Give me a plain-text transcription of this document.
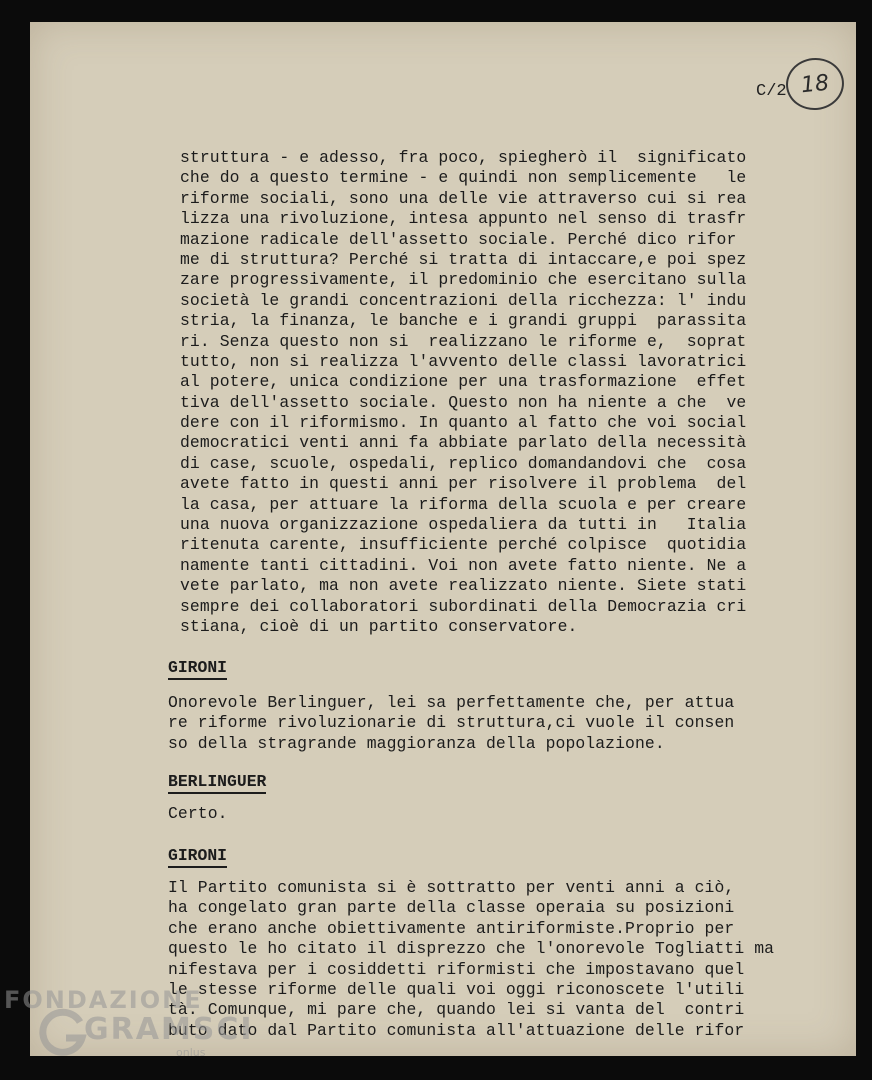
18
C/2
struttura - e adesso, fra poco, spiegherò il  significato
che do a questo termine - e quindi non semplicemente   le
riforme sociali, sono una delle vie attraverso cui si rea
lizza una rivoluzione, intesa appunto nel senso di trasfr
mazione radicale dell'assetto sociale. Perché dico rifor
me di struttura? Perché si tratta di intaccare,e poi spez
zare progressivamente, il predominio che esercitano sulla
società le grandi concentrazioni della ricchezza: l' indu
stria, la finanza, le banche e i grandi gruppi  parassita
ri. Senza questo non si  realizzano le riforme e,  soprat
tutto, non si realizza l'avvento delle classi lavoratrici
al potere, unica condizione per una trasformazione  effet
tiva dell'assetto sociale. Questo non ha niente a che  ve
dere con il riformismo. In quanto al fatto che voi social
democratici venti anni fa abbiate parlato della necessità
di case, scuole, ospedali, replico domandandovi che  cosa
avete fatto in questi anni per risolvere il problema  del
la casa, per attuare la riforma della scuola e per creare
una nuova organizzazione ospedaliera da tutti in   Italia
ritenuta carente, insufficiente perché colpisce  quotidia
namente tanti cittadini. Voi non avete fatto niente. Ne a
vete parlato, ma non avete realizzato niente. Siete stati
sempre dei collaboratori subordinati della Democrazia cri
stiana, cioè di un partito conservatore.
GIRONI
Onorevole Berlinguer, lei sa perfettamente che, per attua
re riforme rivoluzionarie di struttura,ci vuole il consen
so della stragrande maggioranza della popolazione.
BERLINGUER
Certo.
GIRONI
Il Partito comunista si è sottratto per venti anni a ciò,
ha congelato gran parte della classe operaia su posizioni
che erano anche obiettivamente antiriformiste.Proprio per
questo le ho citato il disprezzo che l'onorevole Togliatti ma
nifestava per i cosiddetti riformisti che impostavano quel
le stesse riforme delle quali voi oggi riconoscete l'utili
tà. Comunque, mi pare che, quando lei si vanta del  contri
buto dato dal Partito comunista all'attuazione delle rifor
FONDAZIONE
GRAMSCI
onlus
